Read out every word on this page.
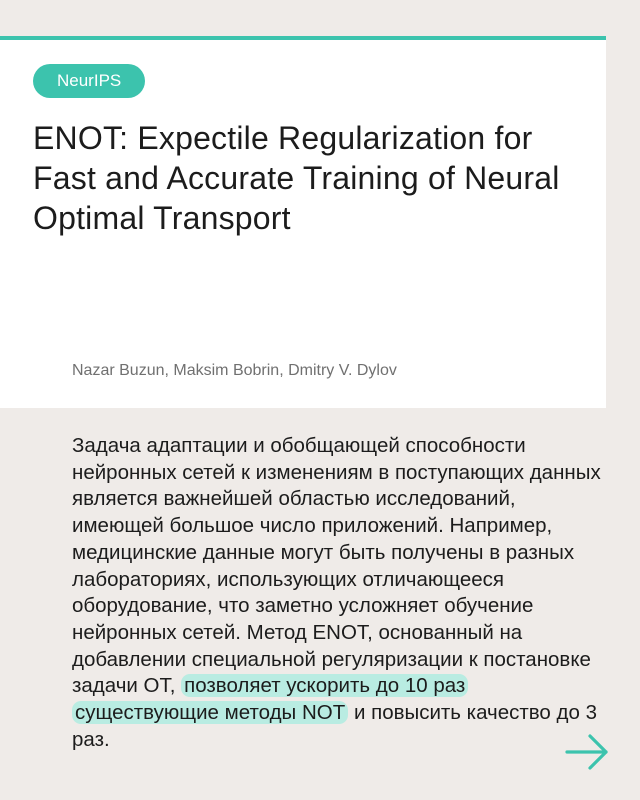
NeurIPS
ENOT: Expectile Regularization for Fast and Accurate Training of Neural Optimal Transport
Nazar Buzun, Maksim Bobrin, Dmitry V. Dylov

Задача адаптации и обобщающей способности нейронных сетей к изменениям в поступающих данных является важнейшей областью исследований, имеющей большое число приложений. Например, медицинские данные могут быть получены в разных лабораториях, использующих отличающееся оборудование, что заметно усложняет обучение нейронных сетей. Метод ENOT, основанный на добавлении специальной регуляризации к постановке задачи ОТ, позволяет ускорить до 10 раз существующие методы NOT и повысить качество до 3 раз.
